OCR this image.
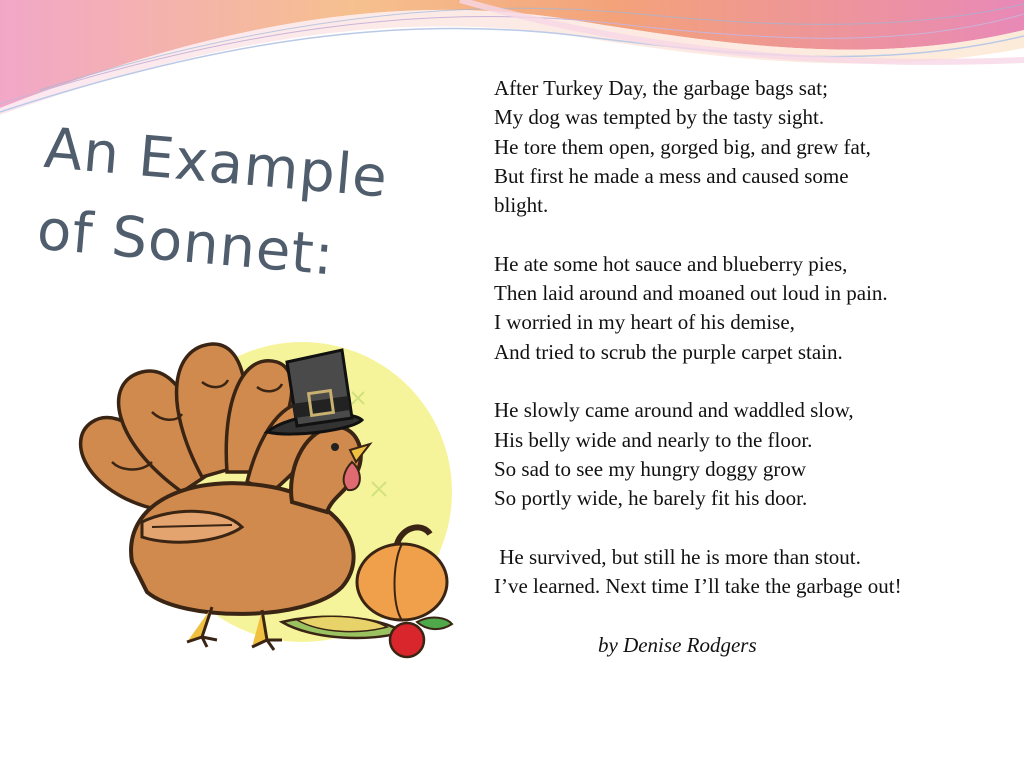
An Example
of Sonnet:

After Turkey Day, the garbage bags sat;
My dog was tempted by the tasty sight.
He tore them open, gorged big, and grew fat,
But first he made a mess and caused some
blight.

He ate some hot sauce and blueberry pies,
Then laid around and moaned out loud in pain.
I worried in my heart of his demise,
And tried to scrub the purple carpet stain.

He slowly came around and waddled slow,
His belly wide and nearly to the floor.
So sad to see my hungry doggy grow
So portly wide, he barely fit his door.

He survived, but still he is more than stout.
I’ve learned. Next time I’ll take the garbage out!

by Denise Rodgers
